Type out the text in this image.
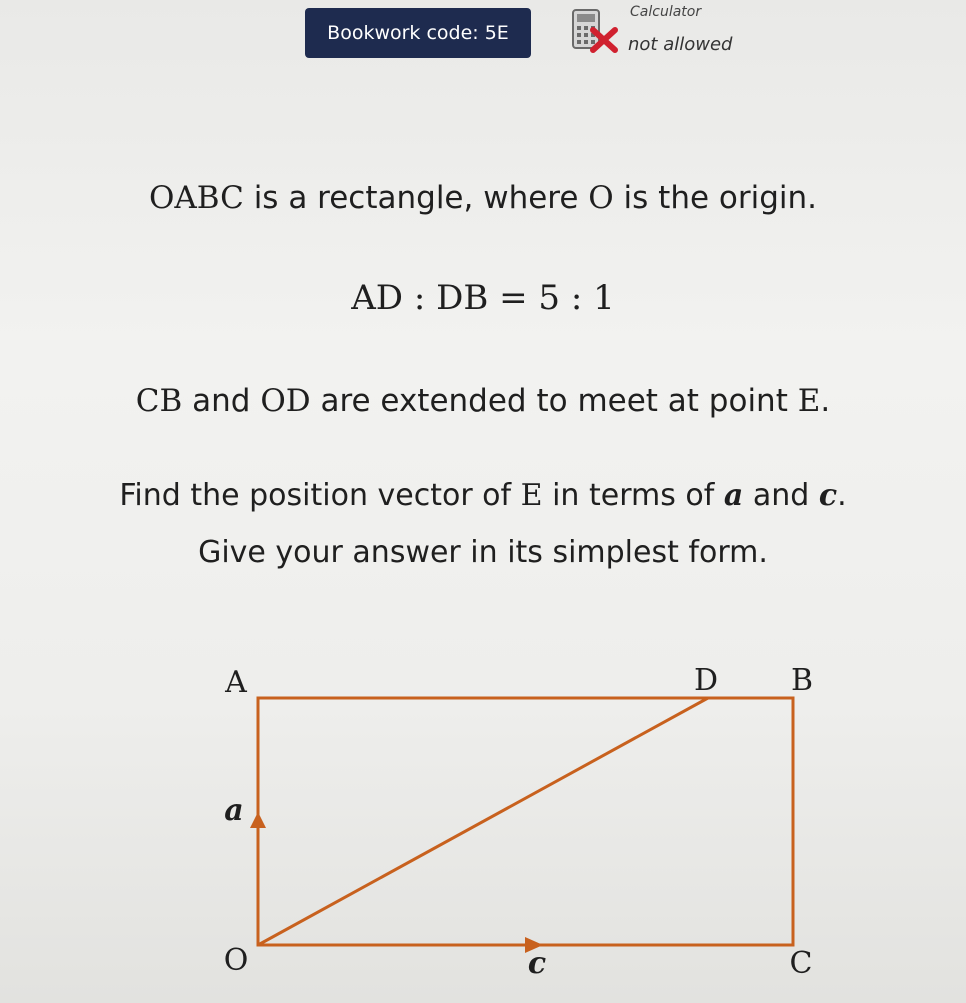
Bookwork code: 5E
Calculator
not allowed
OABC is a rectangle, where O is the origin.
AD : DB = 5 : 1
CB and OD are extended to meet at point E.
Find the position vector of E in terms of a and c.
Give your answer in its simplest form.
A	D B
O	C
a
c
